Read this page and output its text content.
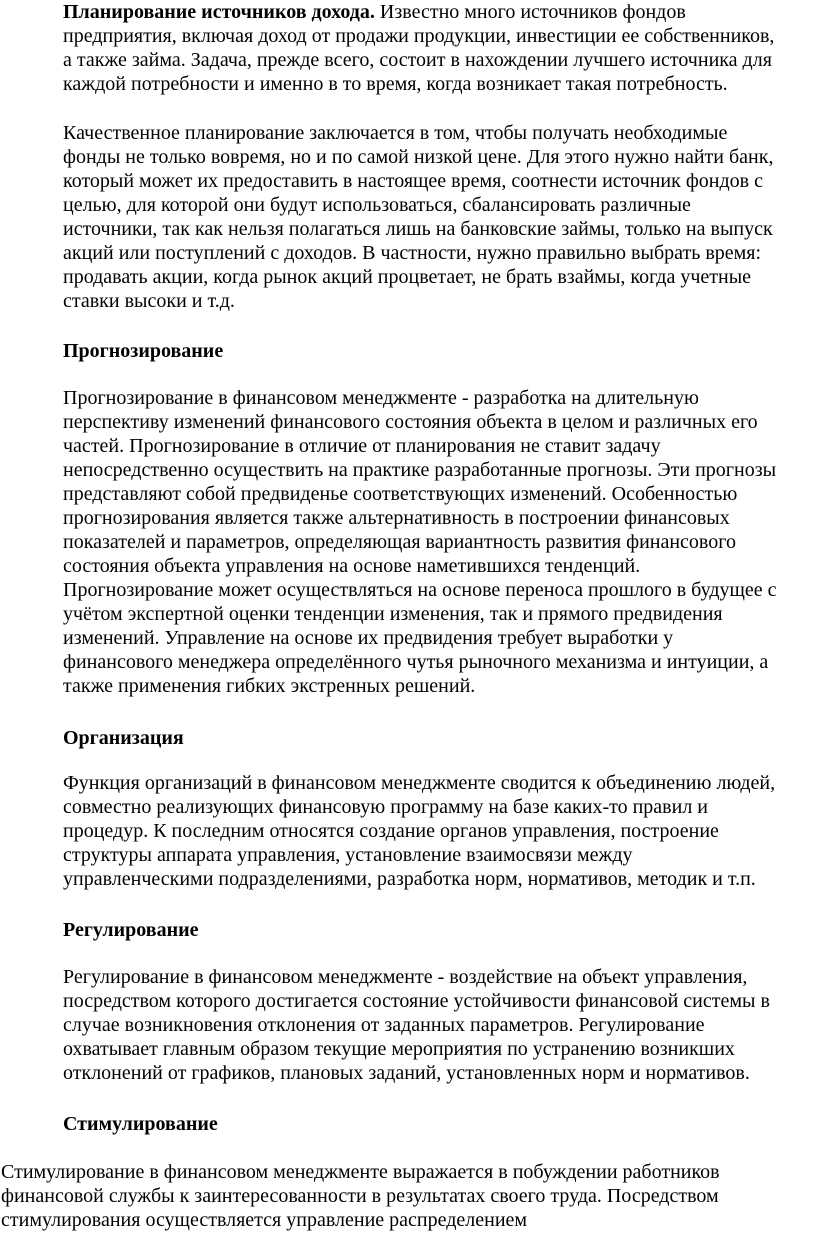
Планирование источников дохода. Известно много источников фондов
предприятия, включая доход от продажи продукции, инвестиции ее собственников,
а также займа. Задача, прежде всего, состоит в нахождении лучшего источника для
каждой потребности и именно в то время, когда возникает такая потребность.

Качественное планирование заключается в том, чтобы получать необходимые
фонды не только вовремя, но и по самой низкой цене. Для этого нужно найти банк,
который может их предоставить в настоящее время, соотнести источник фондов с
целью, для которой они будут использоваться, сбалансировать различные
источники, так как нельзя полагаться лишь на банковские займы, только на выпуск
акций или поступлений с доходов. В частности, нужно правильно выбрать время:
продавать акции, когда рынок акций процветает, не брать взаймы, когда учетные
ставки высоки и т.д.

Прогнозирование

Прогнозирование в финансовом менеджменте - разработка на длительную
перспективу изменений финансового состояния объекта в целом и различных его
частей. Прогнозирование в отличие от планирования не ставит задачу
непосредственно осуществить на практике разработанные прогнозы. Эти прогнозы
представляют собой предвиденье соответствующих изменений. Особенностью
прогнозирования является также альтернативность в построении финансовых
показателей и параметров, определяющая вариантность развития финансового
состояния объекта управления на основе наметившихся тенденций.
Прогнозирование может осуществляться на основе переноса прошлого в будущее с
учётом экспертной оценки тенденции изменения, так и прямого предвидения
изменений. Управление на основе их предвидения требует выработки у
финансового менеджера определённого чутья рыночного механизма и интуиции, а
также применения гибких экстренных решений.

Организация

Функция организаций в финансовом менеджменте сводится к объединению людей,
совместно реализующих финансовую программу на базе каких-то правил и
процедур. К последним относятся создание органов управления, построение
структуры аппарата управления, установление взаимосвязи между
управленческими подразделениями, разработка норм, нормативов, методик и т.п.

Регулирование

Регулирование в финансовом менеджменте - воздействие на объект управления,
посредством которого достигается состояние устойчивости финансовой системы в
случае возникновения отклонения от заданных параметров. Регулирование
охватывает главным образом текущие мероприятия по устранению возникших
отклонений от графиков, плановых заданий, установленных норм и нормативов.

Стимулирование

Стимулирование в финансовом менеджменте выражается в побуждении работников
финансовой службы к заинтересованности в результатах своего труда. Посредством
стимулирования осуществляется управление распределением
